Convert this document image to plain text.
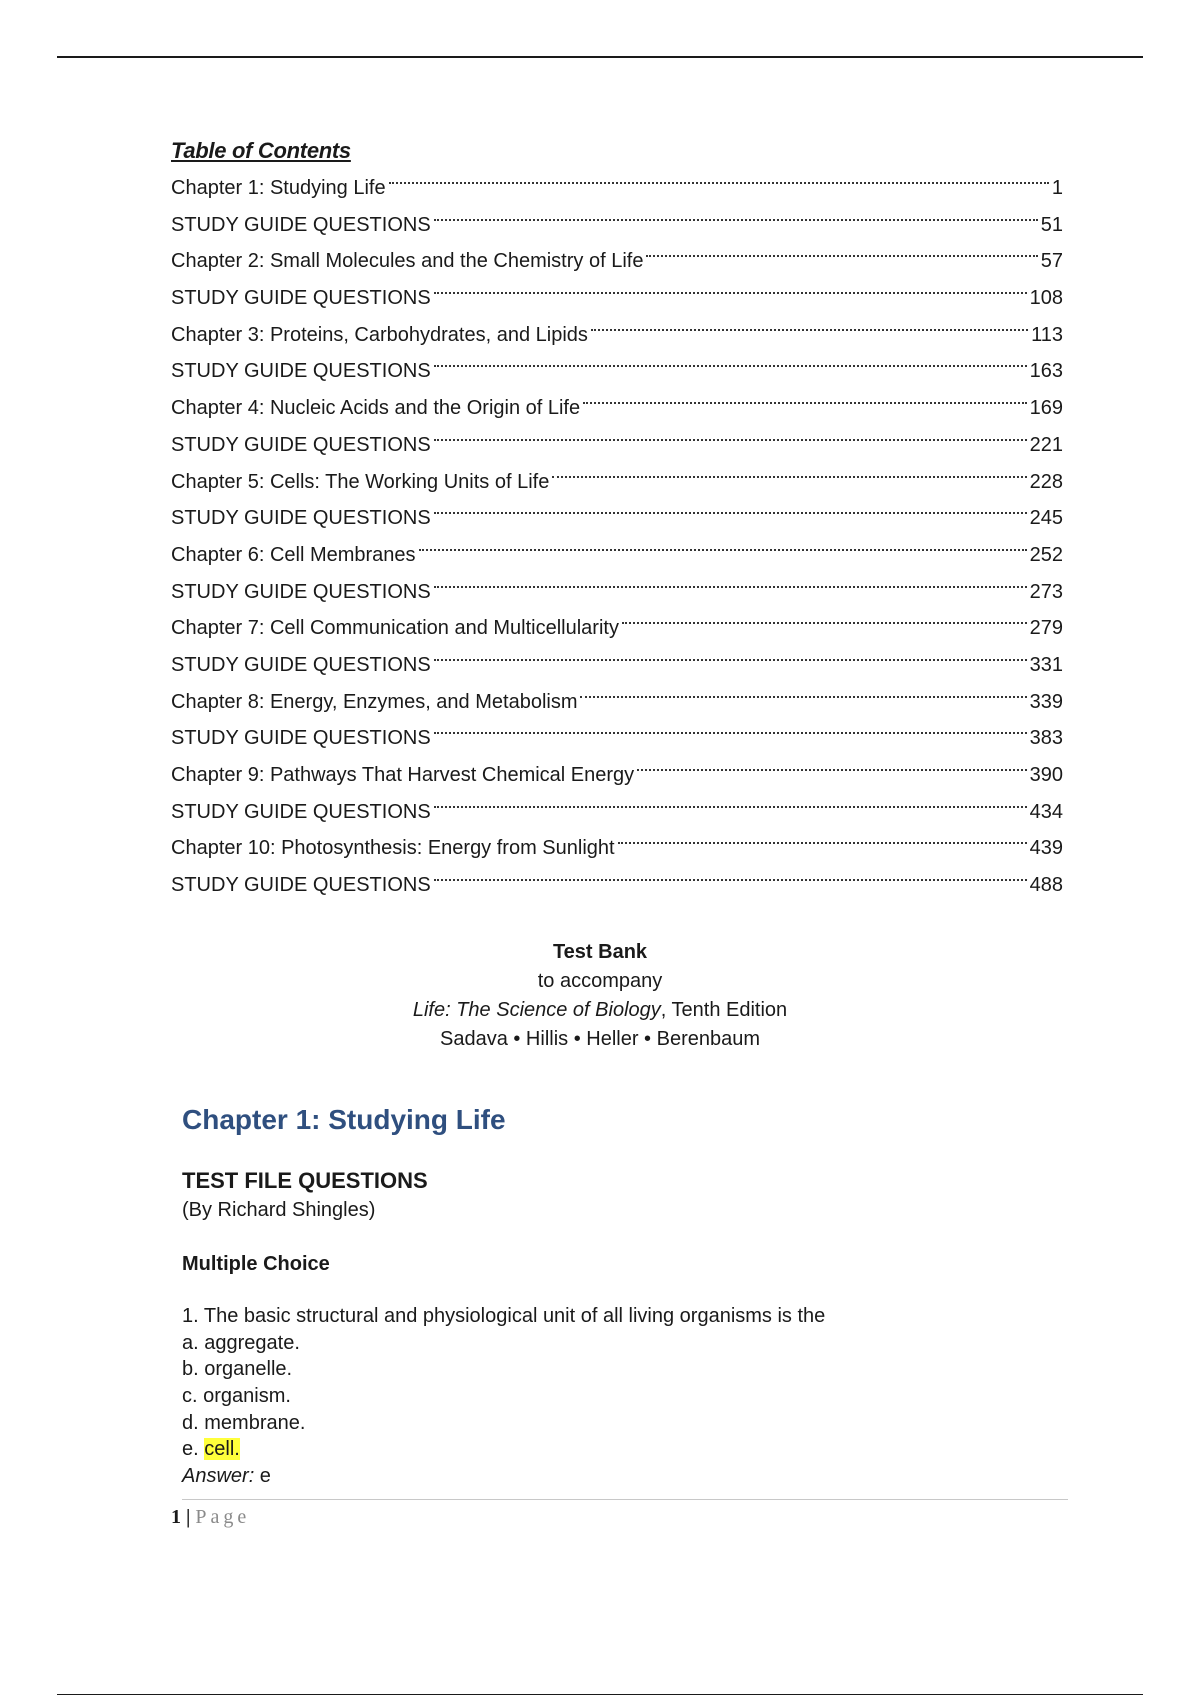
Table of Contents
Chapter 1: Studying Life	1
STUDY GUIDE QUESTIONS	51
Chapter 2: Small Molecules and the Chemistry of Life	57
STUDY GUIDE QUESTIONS	108
Chapter 3: Proteins, Carbohydrates, and Lipids	113
STUDY GUIDE QUESTIONS	163
Chapter 4: Nucleic Acids and the Origin of Life	169
STUDY GUIDE QUESTIONS	221
Chapter 5: Cells: The Working Units of Life	228
STUDY GUIDE QUESTIONS	245
Chapter 6: Cell Membranes	252
STUDY GUIDE QUESTIONS	273
Chapter 7: Cell Communication and Multicellularity	279
STUDY GUIDE QUESTIONS	331
Chapter 8: Energy, Enzymes, and Metabolism	339
STUDY GUIDE QUESTIONS	383
Chapter 9: Pathways That Harvest Chemical Energy	390
STUDY GUIDE QUESTIONS	434
Chapter 10: Photosynthesis: Energy from Sunlight	439
STUDY GUIDE QUESTIONS	488
Test Bank
to accompany
Life: The Science of Biology, Tenth Edition
Sadava • Hillis • Heller • Berenbaum
Chapter 1: Studying Life
TEST FILE QUESTIONS
(By Richard Shingles)
Multiple Choice
1. The basic structural and physiological unit of all living organisms is the
a. aggregate.
b. organelle.
c. organism.
d. membrane.
e. cell.
Answer: e
1 | Page
